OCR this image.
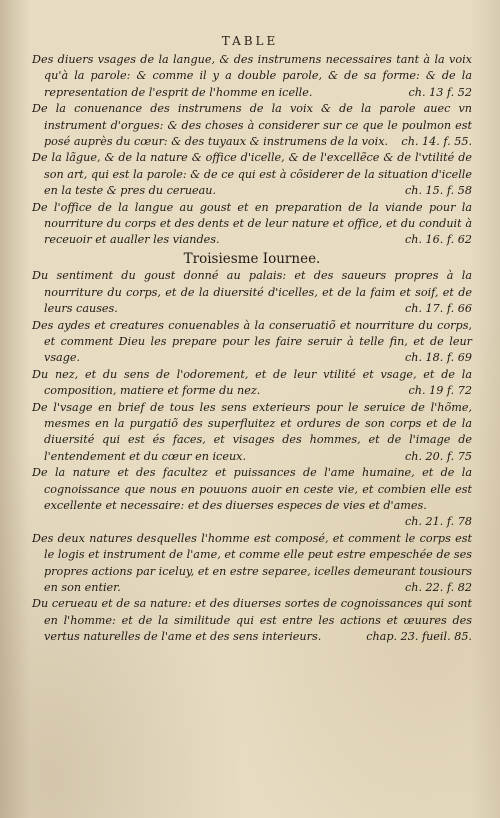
TABLE

Des diuers vsages de la langue, & des instrumens necessaires tant à la voix qu'à la parole: & comme il y a double parole, & de sa forme: & de la representation de l'esprit de l'homme en icelle.	ch. 13 f. 52

De la conuenance des instrumens de la voix & de la parole auec vn instrument d'orgues: & des choses à considerer sur ce que le poulmon est posé auprès du cœur: & des tuyaux & instrumens de la voix. ch. 14. f. 55.

De la lãgue, & de la nature & office d'icelle, & de l'excellẽce & de l'vtilité de son art, qui est la parole: & de ce qui est à cõsiderer de la situation d'icelle en la teste & pres du cerueau.	ch. 15. f. 58

De l'office de la langue au goust et en preparation de la viande pour la nourriture du corps et des dents et de leur nature et office, et du conduit à receuoir et aualler les viandes.	ch. 16. f. 62

Troisiesme Iournee.

Du sentiment du goust donné au palais: et des saueurs propres à la nourriture du corps, et de la diuersité d'icelles, et de la faim et soif, et de leurs causes.	ch. 17. f. 66

Des aydes et creatures conuenables à la conseruatiõ et nourriture du corps, et comment Dieu les prepare pour les faire seruir à telle fin, et de leur vsage.	ch. 18. f. 69

Du nez, et du sens de l'odorement, et de leur vtilité et vsage, et de la composition, matiere et forme du nez.	ch. 19 f. 72

De l'vsage en brief de tous les sens exterieurs pour le seruice de l'hõme, mesmes en la purgatiõ des superfluitez et ordures de son corps et de la diuersité qui est és faces, et visages des hommes, et de l'image de l'entendement et du cœur en iceux.	ch. 20. f. 75

De la nature et des facultez et puissances de l'ame humaine, et de la cognoissance que nous en pouuons auoir en ceste vie, et combien elle est excellente et necessaire: et des diuerses especes de vies et d'ames.
ch. 21. f. 78

Des deux natures desquelles l'homme est composé, et comment le corps est le logis et instrument de l'ame, et comme elle peut estre empeschée de ses propres actions par iceluy, et en estre separee, icelles demeurant tousiours en son entier.	ch. 22. f. 82

Du cerueau et de sa nature: et des diuerses sortes de cognoissances qui sont en l'homme: et de la similitude qui est entre les actions et œuures des vertus naturelles de l'ame et des sens interieurs.	chap. 23. fueil. 85.
